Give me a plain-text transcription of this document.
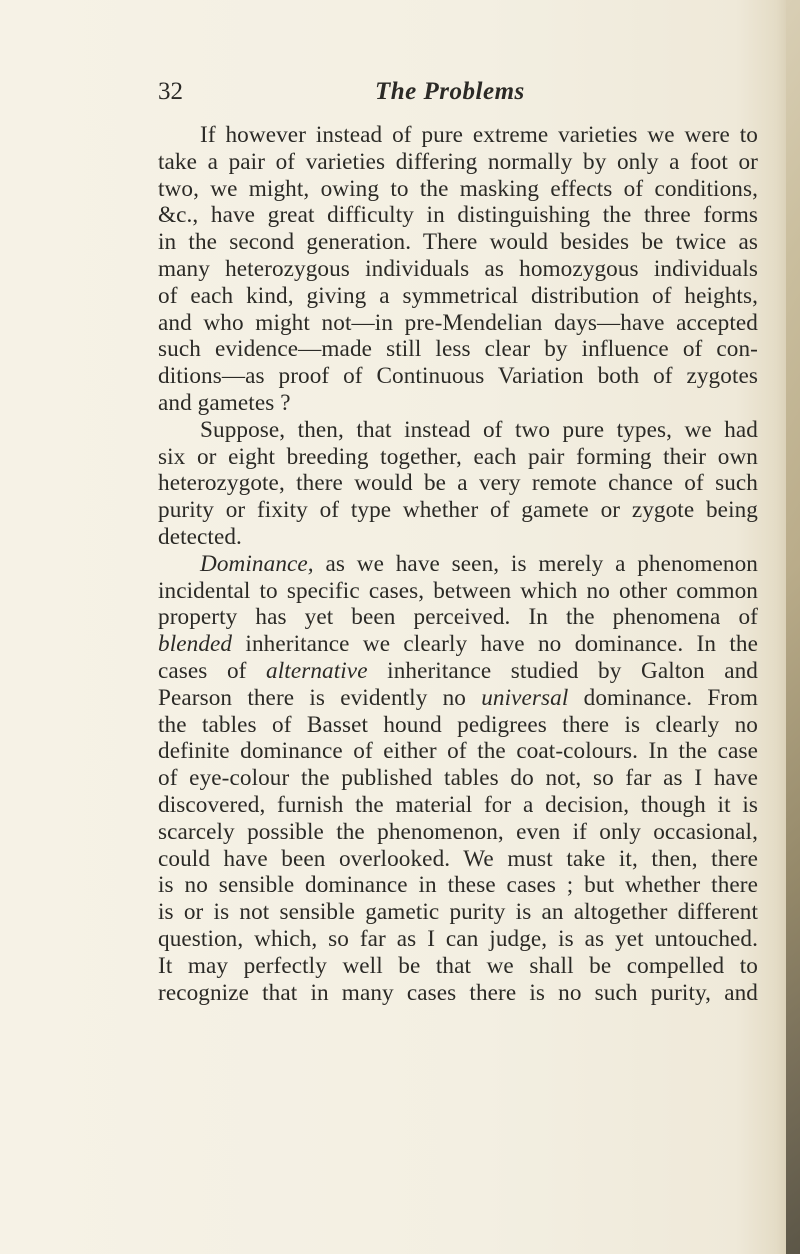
32	The Problems
If however instead of pure extreme varieties we were to
take a pair of varieties differing normally by only a foot or
two, we might, owing to the masking effects of conditions,
&c., have great difficulty in distinguishing the three forms
in the second generation. There would besides be twice as
many heterozygous individuals as homozygous individuals
of each kind, giving a symmetrical distribution of heights,
and who might not—in pre-Mendelian days—have accepted
such evidence—made still less clear by influence of con-
ditions—as proof of Continuous Variation both of zygotes
and gametes ?
Suppose, then, that instead of two pure types, we had
six or eight breeding together, each pair forming their own
heterozygote, there would be a very remote chance of such
purity or fixity of type whether of gamete or zygote being
detected.
Dominance, as we have seen, is merely a phenomenon
incidental to specific cases, between which no other common
property has yet been perceived. In the phenomena of
blended inheritance we clearly have no dominance. In the
cases of alternative inheritance studied by Galton and
Pearson there is evidently no universal dominance. From
the tables of Basset hound pedigrees there is clearly no
definite dominance of either of the coat-colours. In the case
of eye-colour the published tables do not, so far as I have
discovered, furnish the material for a decision, though it is
scarcely possible the phenomenon, even if only occasional,
could have been overlooked. We must take it, then, there
is no sensible dominance in these cases ; but whether there
is or is not sensible gametic purity is an altogether different
question, which, so far as I can judge, is as yet untouched.
It may perfectly well be that we shall be compelled to
recognize that in many cases there is no such purity, and
